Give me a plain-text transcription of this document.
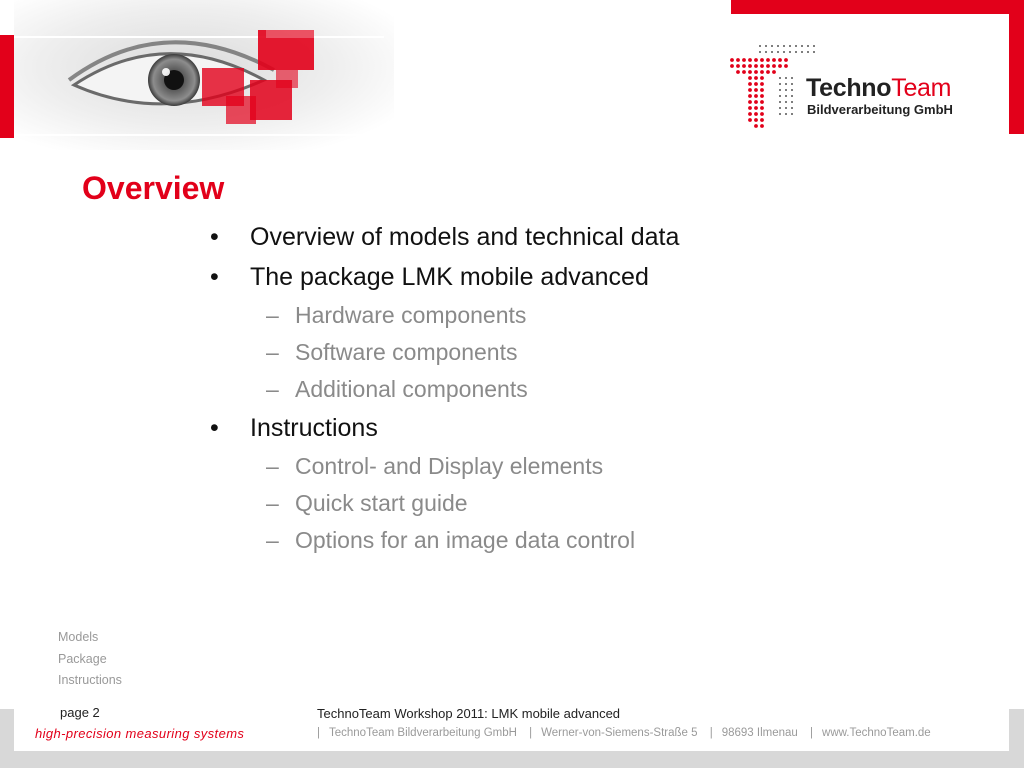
TechnoTeam
Bildverarbeitung GmbH
Overview
• Overview of models and technical data
• The package LMK mobile advanced
– Hardware components
– Software components
– Additional components
• Instructions
– Control- and Display elements
– Quick start guide
– Options for an image data control
Models
Package
Instructions
page 2	TechnoTeam Workshop 2011: LMK mobile advanced
high-precision measuring systems	| TechnoTeam Bildverarbeitung GmbH | Werner-von-Siemens-Straße 5 | 98693 Ilmenau | www.TechnoTeam.de
